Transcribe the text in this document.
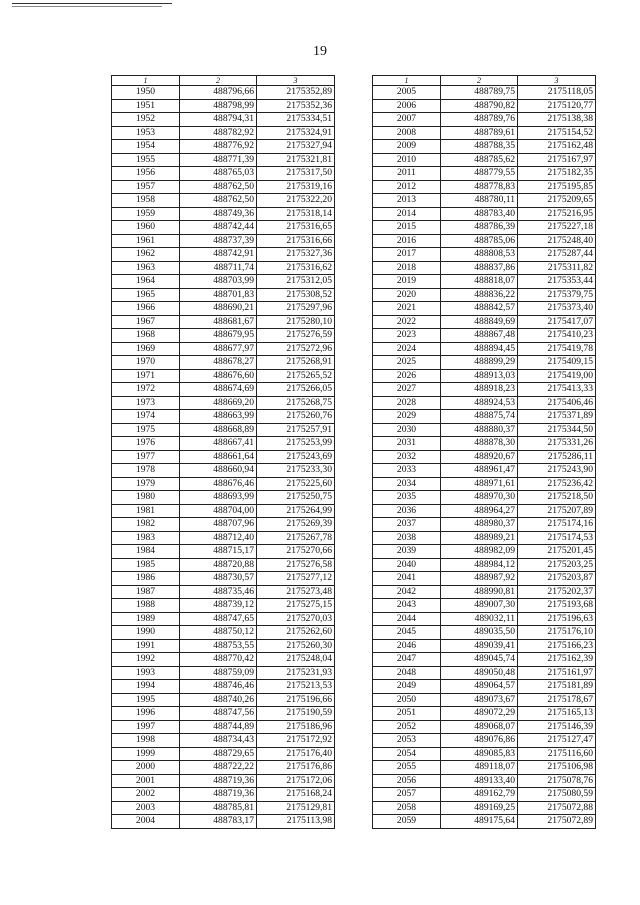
19
1	2	3
1950	488796,66	2175352,89
1951	488798,99	2175352,36
1952	488794,31	2175334,51
1953	488782,92	2175324,91
1954	488776,92	2175327,94
1955	488771,39	2175321,81
1956	488765,03	2175317,50
1957	488762,50	2175319,16
1958	488762,50	2175322,20
1959	488749,36	2175318,14
1960	488742,44	2175316,65
1961	488737,39	2175316,66
1962	488742,91	2175327,36
1963	488711,74	2175316,62
1964	488703,99	2175312,05
1965	488701,83	2175308,52
1966	488690,21	2175297,96
1967	488681,67	2175280,10
1968	488679,95	2175276,59
1969	488677,97	2175272,96
1970	488678,27	2175268,91
1971	488676,60	2175265,52
1972	488674,69	2175266,05
1973	488669,20	2175268,75
1974	488663,99	2175260,76
1975	488668,89	2175257,91
1976	488667,41	2175253,99
1977	488661,64	2175243,69
1978	488660,94	2175233,30
1979	488676,46	2175225,60
1980	488693,99	2175250,75
1981	488704,00	2175264,99
1982	488707,96	2175269,39
1983	488712,40	2175267,78
1984	488715,17	2175270,66
1985	488720,88	2175276,58
1986	488730,57	2175277,12
1987	488735,46	2175273,48
1988	488739,12	2175275,15
1989	488747,65	2175270,03
1990	488750,12	2175262,60
1991	488753,55	2175260,30
1992	488770,42	2175248,04
1993	488759,09	2175231,93
1994	488746,46	2175213,53
1995	488740,26	2175196,66
1996	488747,56	2175190,59
1997	488744,89	2175186,96
1998	488734,43	2175172,92
1999	488729,65	2175176,40
2000	488722,22	2175176,86
2001	488719,36	2175172,06
2002	488719,36	2175168,24
2003	488785,81	2175129,81
2004	488783,17	2175113,98
1	2	3
2005	488789,75	2175118,05
2006	488790,82	2175120,77
2007	488789,76	2175138,38
2008	488789,61	2175154,52
2009	488788,35	2175162,48
2010	488785,62	2175167,97
2011	488779,55	2175182,35
2012	488778,83	2175195,85
2013	488780,11	2175209,65
2014	488783,40	2175216,95
2015	488786,39	2175227,18
2016	488785,06	2175248,40
2017	488808,53	2175287,44
2018	488837,86	2175311,82
2019	488818,07	2175353,44
2020	488836,22	2175379,75
2021	488842,57	2175373,40
2022	488849,69	2175417,07
2023	488867,48	2175410,23
2024	488894,45	2175419,78
2025	488899,29	2175409,15
2026	488913,03	2175419,00
2027	488918,23	2175413,33
2028	488924,53	2175406,46
2029	488875,74	2175371,89
2030	488880,37	2175344,50
2031	488878,30	2175331,26
2032	488920,67	2175286,11
2033	488961,47	2175243,90
2034	488971,61	2175236,42
2035	488970,30	2175218,50
2036	488964,27	2175207,89
2037	488980,37	2175174,16
2038	488989,21	2175174,53
2039	488982,09	2175201,45
2040	488984,12	2175203,25
2041	488987,92	2175203,87
2042	488990,81	2175202,37
2043	489007,30	2175193,68
2044	489032,11	2175196,63
2045	489035,50	2175176,10
2046	489039,41	2175166,23
2047	489045,74	2175162,39
2048	489050,48	2175161,97
2049	489064,57	2175181,89
2050	489073,67	2175178,67
2051	489072,29	2175165,13
2052	489068,07	2175146,39
2053	489076,86	2175127,47
2054	489085,83	2175116,60
2055	489118,07	2175106,98
2056	489133,40	2175078,76
2057	489162,79	2175080,59
2058	489169,25	2175072,88
2059	489175,64	2175072,89
